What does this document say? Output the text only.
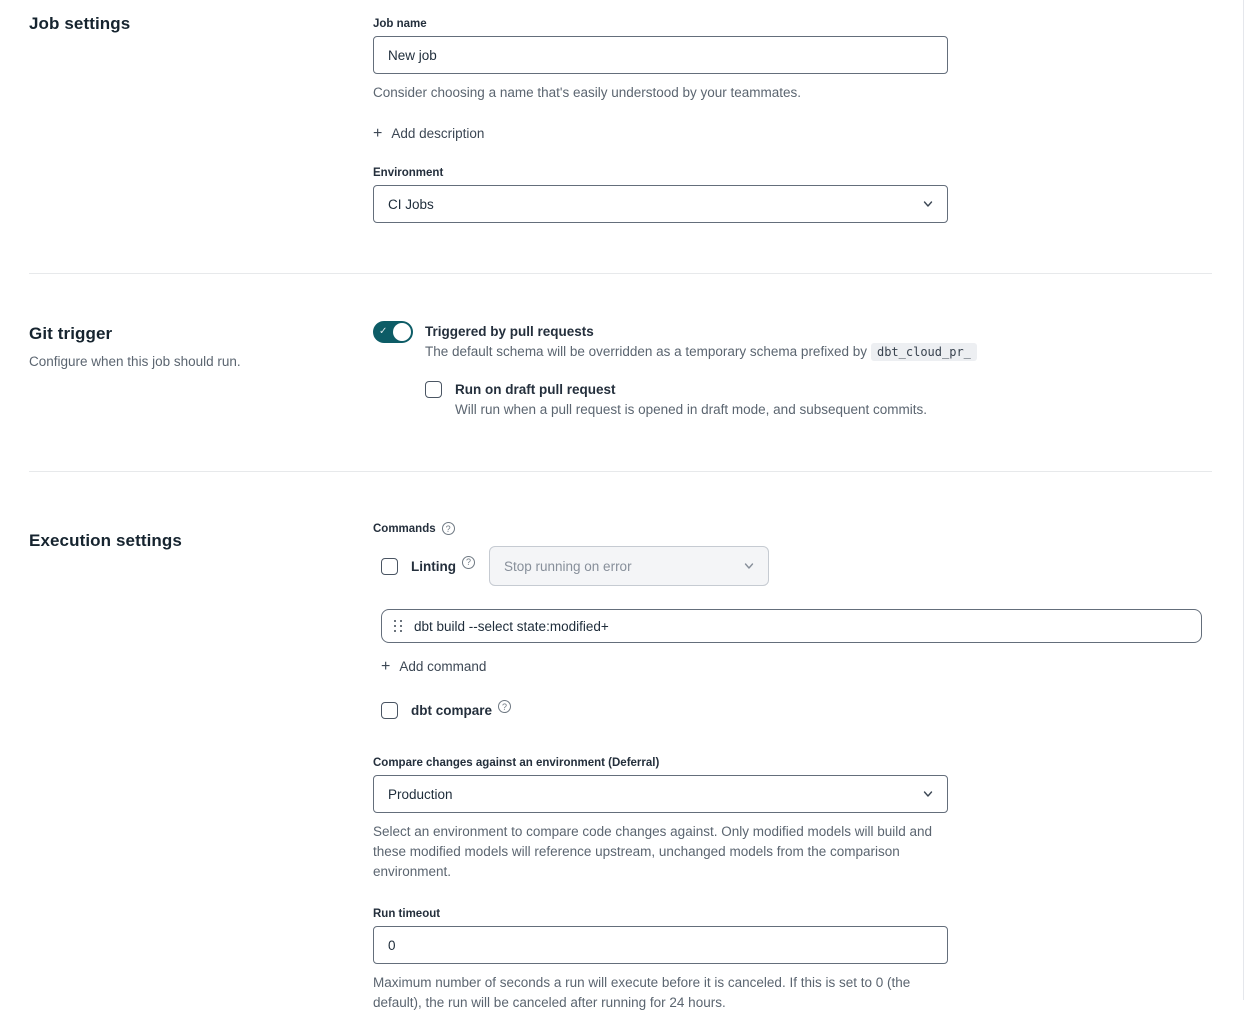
Job settings	Job name
New job
Consider choosing a name that's easily understood by your teammates.
+ Add description
Environment
CI Jobs
Git trigger
Configure when this job should run.
✓	Triggered by pull requests
The default schema will be overridden as a temporary schema prefixed by dbt_cloud_pr_
Run on draft pull request
Will run when a pull request is opened in draft mode, and subsequent commits.
Execution settings
Commands	?
Linting	? Stop running on error
dbt build --select state:modified+
+ Add command
dbt compare	?
Compare changes against an environment (Deferral)
Production
Select an environment to compare code changes against. Only modified models will build and these modified models will reference upstream, unchanged models from the comparison environment.
Run timeout
0
Maximum number of seconds a run will execute before it is canceled. If this is set to 0 (the default), the run will be canceled after running for 24 hours.
